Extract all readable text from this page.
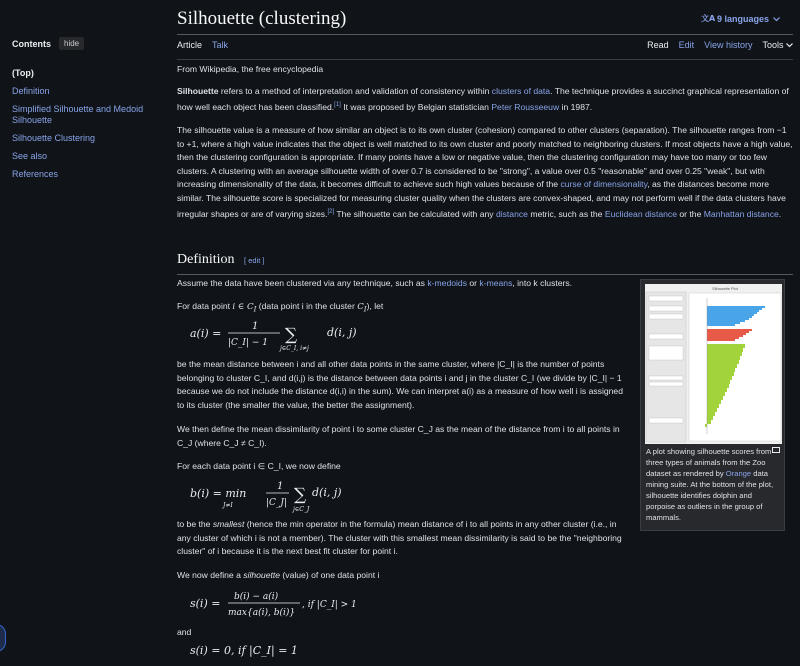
Contents	hide
(Top)
Definition
Simplified Silhouette and Medoid Silhouette
Silhouette Clustering
See also
References
Silhouette (clustering)	文A 9 languages
Article Talk	Read Edit View history Tools

From Wikipedia, the free encyclopedia

Silhouette refers to a method of interpretation and validation of consistency within clusters of data. The technique provides a succinct graphical representation of how well each object has been classified.[1] It was proposed by Belgian statistician Peter Rousseeuw in 1987.

The silhouette value is a measure of how similar an object is to its own cluster (cohesion) compared to other clusters (separation). The silhouette ranges from −1 to +1, where a high value indicates that the object is well matched to its own cluster and poorly matched to neighboring clusters. If most objects have a high value, then the clustering configuration is appropriate. If many points have a low or negative value, then the clustering configuration may have too many or too few clusters. A clustering with an average silhouette width of over 0.7 is considered to be "strong", a value over 0.5 "reasonable" and over 0.25 "weak", but with increasing dimensionality of the data, it becomes difficult to achieve such high values because of the curse of dimensionality, as the distances become more similar. The silhouette score is specialized for measuring cluster quality when the clusters are convex-shaped, and may not perform well if the data clusters have irregular shapes or are of varying sizes.[2] The silhouette can be calculated with any distance metric, such as the Euclidean distance or the Manhattan distance.

Definition [ edit ]

Assume the data have been clustered via any technique, such as k-medoids or k-means, into k clusters.

For data point i ∈ $C_I$ (data point i in the cluster $C_I$), let

a(i) =
1
|C_I| − 1 ∑
j∈C_I, i≠j
d(i, j)

be the mean distance between i and all other data points in the same cluster, where |C_I| is the number of points belonging to cluster C_I, and d(i,j) is the distance between data points i and j in the cluster C_I (we divide by |C_I| − 1 because we do not include the distance d(i,i) in the sum). We can interpret a(i) as a measure of how well i is assigned to its cluster (the smaller the value, the better the assignment).

We then define the mean dissimilarity of point i to some cluster C_J as the mean of the distance from i to all points in C_J (where C_J ≠ C_I).

For each data point i ∈ C_I, we now define

b(i) = min
J≠I
1
|C_J| ∑
j∈C_J
d(i, j)

to be the smallest (hence the min operator in the formula) mean distance of i to all points in any other cluster (i.e., in any cluster of which i is not a member). The cluster with this smallest mean dissimilarity is said to be the "neighboring cluster" of i because it is the next best fit cluster for point i.

We now define a silhouette (value) of one data point i

s(i) = b(i) − a(i)
max{a(i), b(i)}
, if |C_I| > 1

and

s(i) = 0, if |C_I| = 1
Silhouette Plot
A plot showing silhouette scores from three types of animals from the Zoo dataset as rendered by Orange data mining suite. At the bottom of the plot, silhouette identifies dolphin and porpoise as outliers in the group of mammals.
